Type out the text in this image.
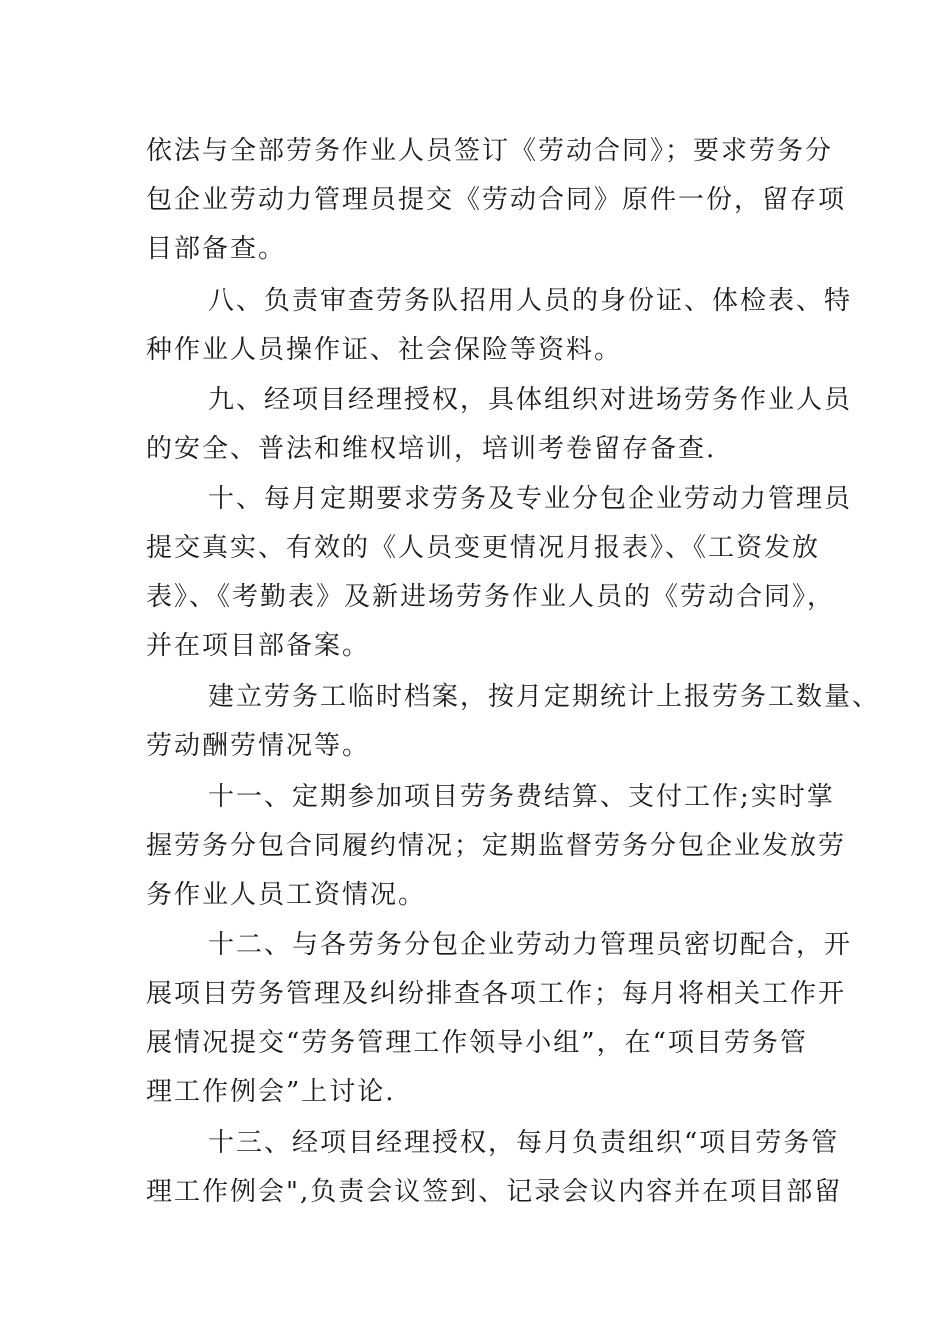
依法与全部劳务作业人员签订《劳动合同》；要求劳务分
包企业劳动力管理员提交《劳动合同》原件一份，留存项
目部备查。
八、负责审查劳务队招用人员的身份证、体检表、特
种作业人员操作证、社会保险等资料。
九、经项目经理授权，具体组织对进场劳务作业人员
的安全、普法和维权培训，培训考卷留存备查.
十、每月定期要求劳务及专业分包企业劳动力管理员
提交真实、有效的《人员变更情况月报表》、《工资发放
表》、《考勤表》及新进场劳务作业人员的《劳动合同》，
并在项目部备案。
建立劳务工临时档案，按月定期统计上报劳务工数量、
劳动酬劳情况等。
十一、定期参加项目劳务费结算、支付工作;实时掌
握劳务分包合同履约情况；定期监督劳务分包企业发放劳
务作业人员工资情况。
十二、与各劳务分包企业劳动力管理员密切配合，开
展项目劳务管理及纠纷排查各项工作；每月将相关工作开
展情况提交“劳务管理工作领导小组”，在“项目劳务管
理工作例会”上讨论.
十三、经项目经理授权，每月负责组织“项目劳务管
理工作例会",负责会议签到、记录会议内容并在项目部留
